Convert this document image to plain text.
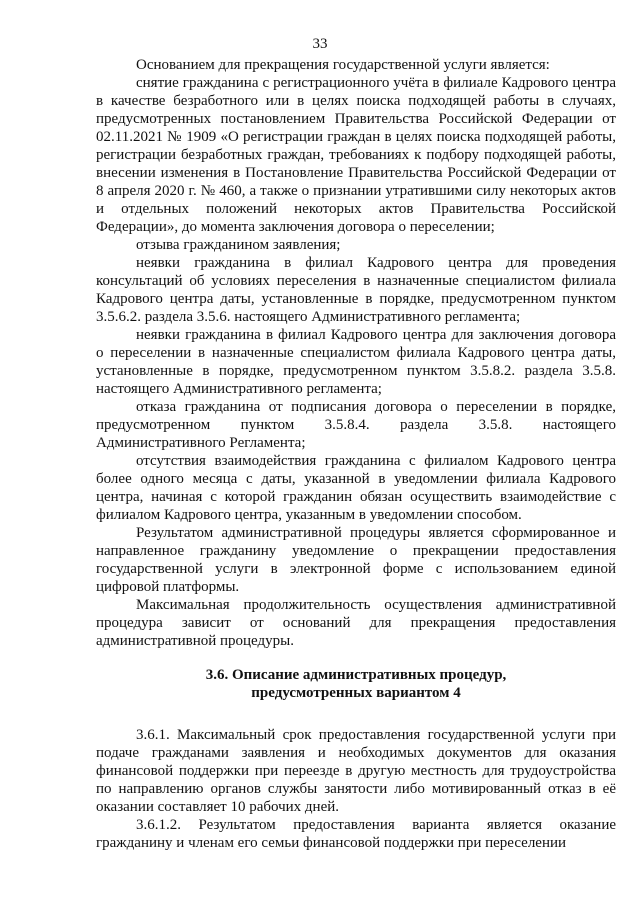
33

Основанием для прекращения государственной услуги является:

снятие гражданина с регистрационного учёта в филиале Кадрового центра в качестве безработного или в целях поиска подходящей работы в случаях, предусмотренных постановлением Правительства Российской Федерации от 02.11.2021 № 1909 «О регистрации граждан в целях поиска подходящей работы, регистрации безработных граждан, требованиях к подбору подходящей работы, внесении изменения в Постановление Правительства Российской Федерации от 8 апреля 2020 г. № 460, а также о признании утратившими силу некоторых актов и отдельных положений некоторых актов Правительства Российской Федерации», до момента заключения договора о переселении;

отзыва гражданином заявления;

неявки гражданина в филиал Кадрового центра для проведения консультаций об условиях переселения в назначенные специалистом филиала Кадрового центра даты, установленные в порядке, предусмотренном пунктом 3.5.6.2. раздела 3.5.6. настоящего Административного регламента;

неявки гражданина в филиал Кадрового центра для заключения договора о переселении в назначенные специалистом филиала Кадрового центра даты, установленные в порядке, предусмотренном пунктом 3.5.8.2. раздела 3.5.8. настоящего Административного регламента;

отказа гражданина от подписания договора о переселении в порядке, предусмотренном пунктом 3.5.8.4. раздела 3.5.8. настоящего Административного Регламента;

отсутствия взаимодействия гражданина с филиалом Кадрового центра более одного месяца с даты, указанной в уведомлении филиала Кадрового центра, начиная с которой гражданин обязан осуществить взаимодействие с филиалом Кадрового центра, указанным в уведомлении способом.

Результатом административной процедуры является сформированное и направленное гражданину уведомление о прекращении предоставления государственной услуги в электронной форме с использованием единой цифровой платформы.

Максимальная продолжительность осуществления административной процедура зависит от оснований для прекращения предоставления административной процедуры.

3.6. Описание административных процедур,
предусмотренных вариантом 4

3.6.1. Максимальный срок предоставления государственной услуги при подаче гражданами заявления и необходимых документов для оказания финансовой поддержки при переезде в другую местность для трудоустройства по направлению органов службы занятости либо мотивированный отказ в её оказании составляет 10 рабочих дней.

3.6.1.2. Результатом предоставления варианта является оказание гражданину и членам его семьи финансовой поддержки при переселении
